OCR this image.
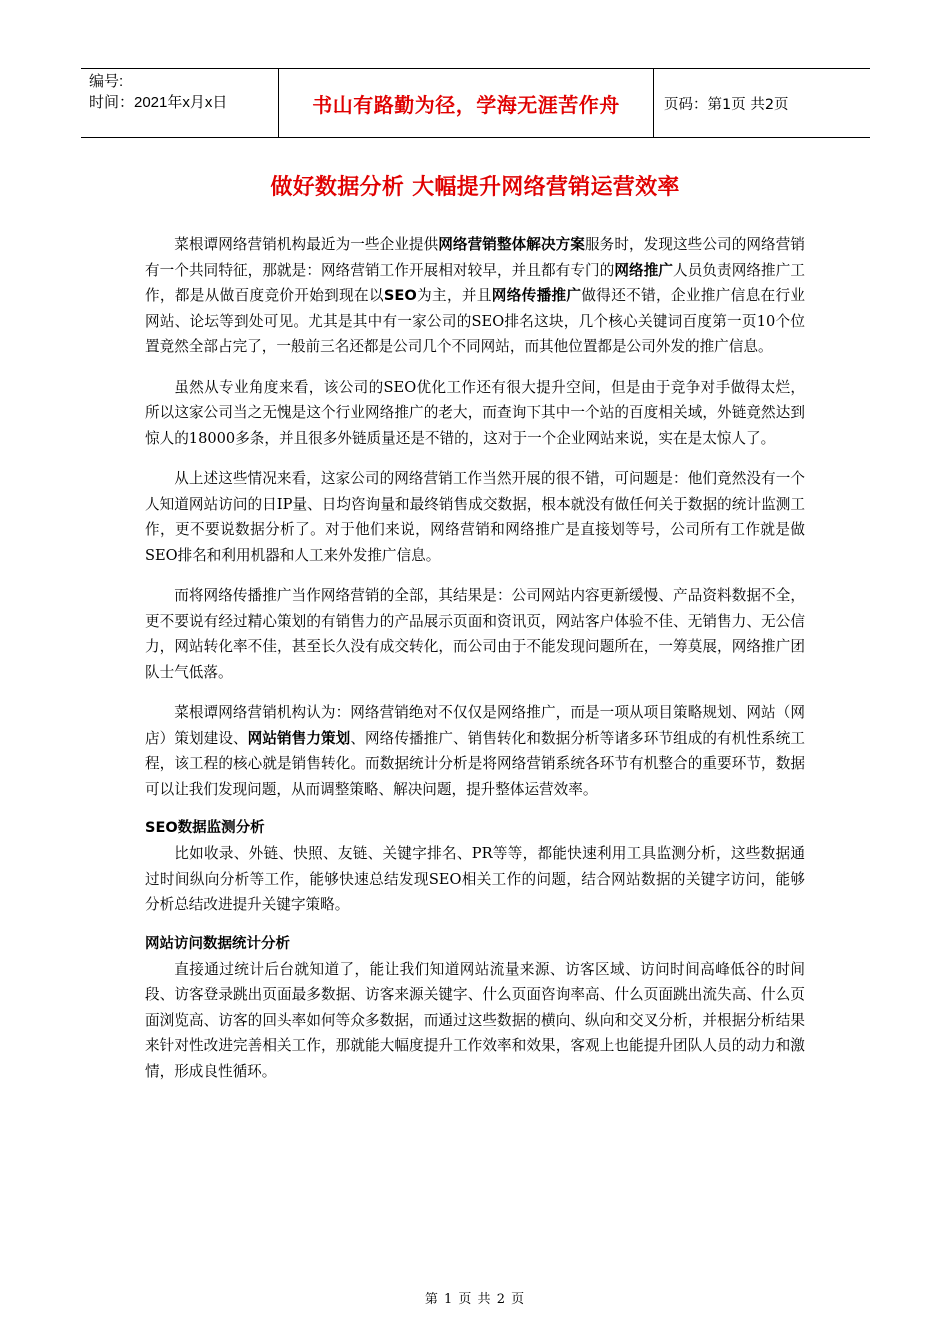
编号:
时间：2021年x月x日	书山有路勤为径，学海无涯苦作舟	页码：第1页 共2页
做好数据分析 大幅提升网络营销运营效率

菜根谭网络营销机构最近为一些企业提供网络营销整体解决方案服务时，发现这些公司的网络营销有一个共同特征，那就是：网络营销工作开展相对较早，并且都有专门的网络推广人员负责网络推广工作，都是从做百度竞价开始到现在以SEO为主，并且网络传播推广做得还不错，企业推广信息在行业网站、论坛等到处可见。尤其是其中有一家公司的SEO排名这块，几个核心关键词百度第一页10个位置竟然全部占完了，一般前三名还都是公司几个不同网站，而其他位置都是公司外发的推广信息。

虽然从专业角度来看，该公司的SEO优化工作还有很大提升空间，但是由于竞争对手做得太烂，所以这家公司当之无愧是这个行业网络推广的老大，而查询下其中一个站的百度相关域，外链竟然达到惊人的18000多条，并且很多外链质量还是不错的，这对于一个企业网站来说，实在是太惊人了。

从上述这些情况来看，这家公司的网络营销工作当然开展的很不错，可问题是：他们竟然没有一个人知道网站访问的日IP量、日均咨询量和最终销售成交数据，根本就没有做任何关于数据的统计监测工作，更不要说数据分析了。对于他们来说，网络营销和网络推广是直接划等号，公司所有工作就是做SEO排名和利用机器和人工来外发推广信息。

而将网络传播推广当作网络营销的全部，其结果是：公司网站内容更新缓慢、产品资料数据不全，更不要说有经过精心策划的有销售力的产品展示页面和资讯页，网站客户体验不佳、无销售力、无公信力，网站转化率不佳，甚至长久没有成交转化，而公司由于不能发现问题所在，一筹莫展，网络推广团队士气低落。

菜根谭网络营销机构认为：网络营销绝对不仅仅是网络推广，而是一项从项目策略规划、网站（网店）策划建设、网站销售力策划、网络传播推广、销售转化和数据分析等诸多环节组成的有机性系统工程，该工程的核心就是销售转化。而数据统计分析是将网络营销系统各环节有机整合的重要环节，数据可以让我们发现问题，从而调整策略、解决问题，提升整体运营效率。

SEO数据监测分析

比如收录、外链、快照、友链、关键字排名、PR等等，都能快速利用工具监测分析，这些数据通过时间纵向分析等工作，能够快速总结发现SEO相关工作的问题，结合网站数据的关键字访问，能够分析总结改进提升关键字策略。

网站访问数据统计分析

直接通过统计后台就知道了，能让我们知道网站流量来源、访客区域、访问时间高峰低谷的时间段、访客登录跳出页面最多数据、访客来源关键字、什么页面咨询率高、什么页面跳出流失高、什么页面浏览高、访客的回头率如何等众多数据，而通过这些数据的横向、纵向和交叉分析，并根据分析结果来针对性改进完善相关工作，那就能大幅度提升工作效率和效果，客观上也能提升团队人员的动力和激情，形成良性循环。

第 1 页 共 2 页
